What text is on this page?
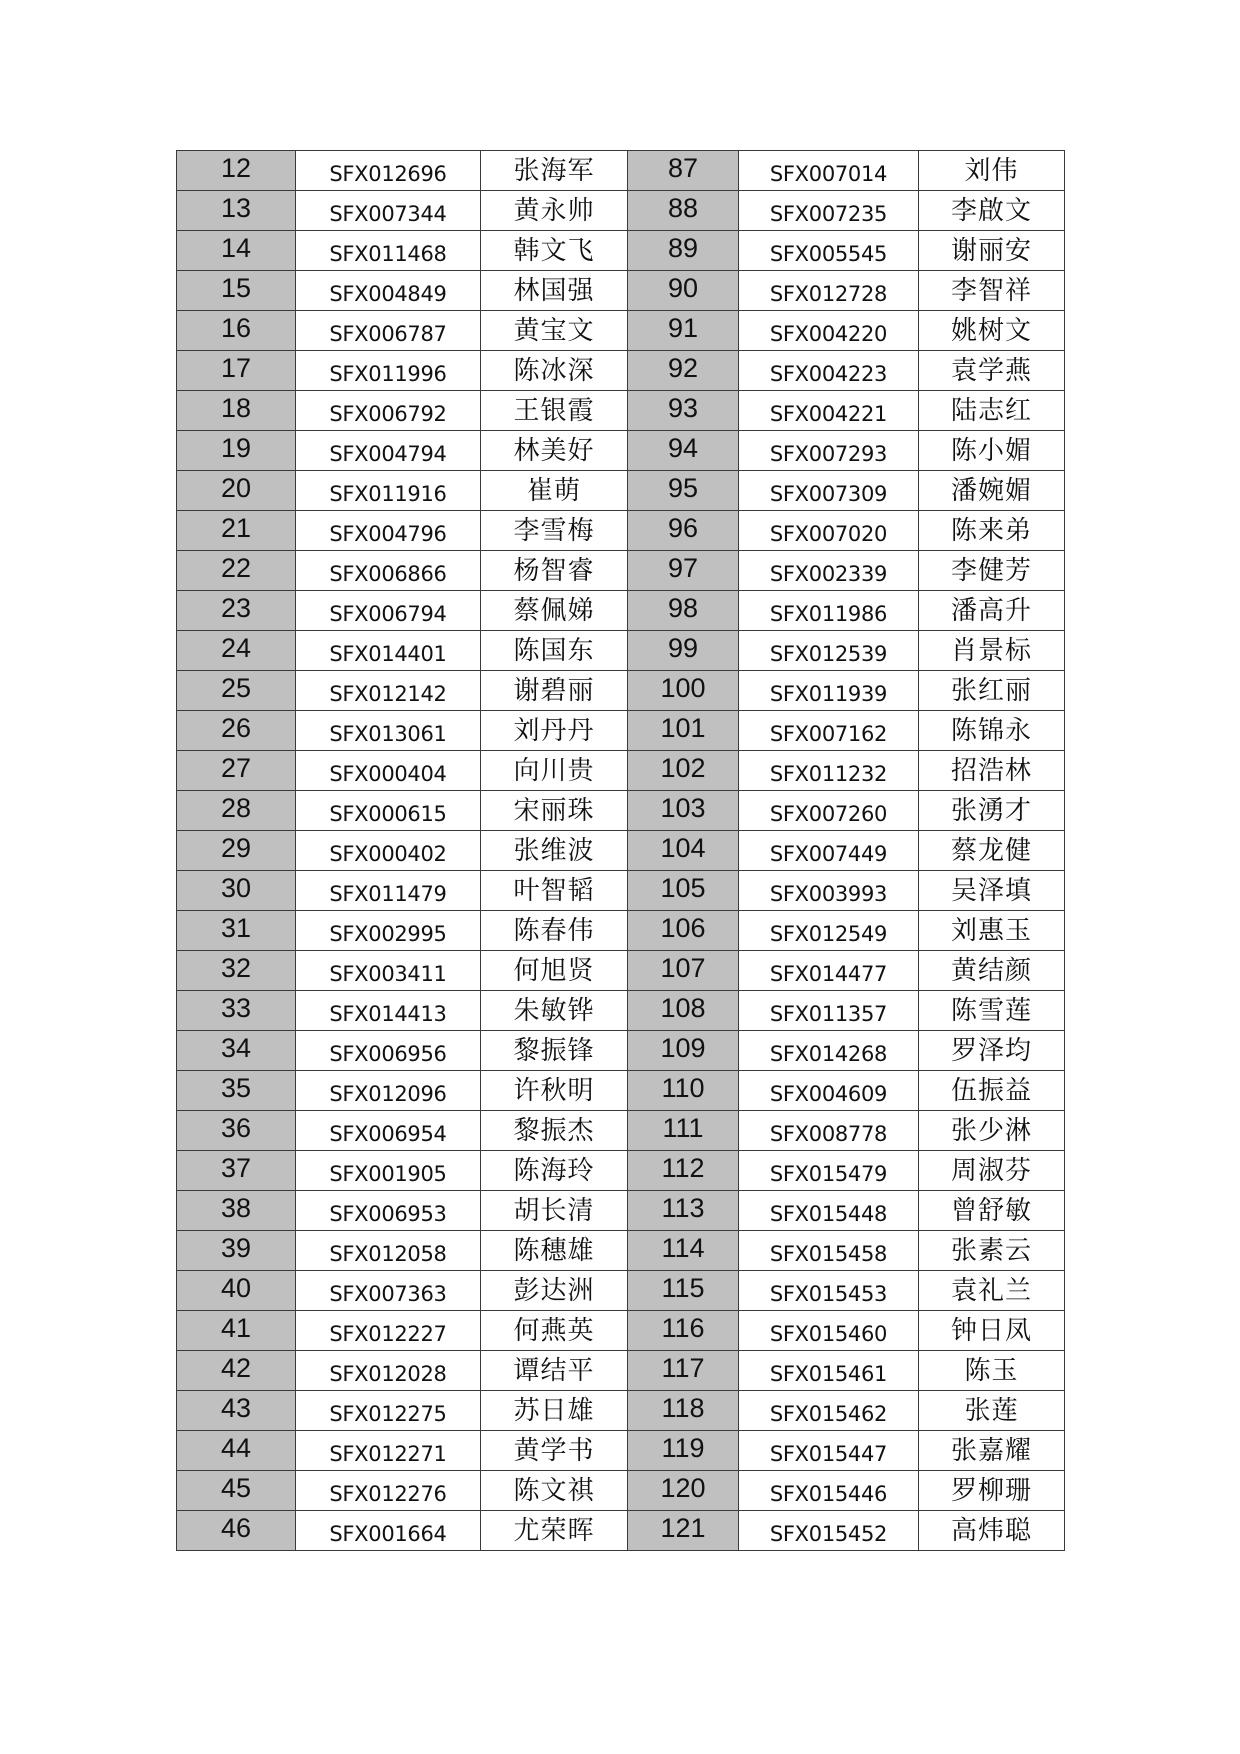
12	SFX012696	张海军	87	SFX007014	刘伟
13	SFX007344	黄永帅	88	SFX007235	李啟文
14	SFX011468	韩文飞	89	SFX005545	谢丽安
15	SFX004849	林国强	90	SFX012728	李智祥
16	SFX006787	黄宝文	91	SFX004220	姚树文
17	SFX011996	陈冰深	92	SFX004223	袁学燕
18	SFX006792	王银霞	93	SFX004221	陆志红
19	SFX004794	林美好	94	SFX007293	陈小媚
20	SFX011916	崔萌	95	SFX007309	潘婉媚
21	SFX004796	李雪梅	96	SFX007020	陈来弟
22	SFX006866	杨智睿	97	SFX002339	李健芳
23	SFX006794	蔡佩娣	98	SFX011986	潘高升
24	SFX014401	陈国东	99	SFX012539	肖景标
25	SFX012142	谢碧丽	100	SFX011939	张红丽
26	SFX013061	刘丹丹	101	SFX007162	陈锦永
27	SFX000404	向川贵	102	SFX011232	招浩林
28	SFX000615	宋丽珠	103	SFX007260	张湧才
29	SFX000402	张维波	104	SFX007449	蔡龙健
30	SFX011479	叶智韬	105	SFX003993	吴泽填
31	SFX002995	陈春伟	106	SFX012549	刘惠玉
32	SFX003411	何旭贤	107	SFX014477	黄结颜
33	SFX014413	朱敏铧	108	SFX011357	陈雪莲
34	SFX006956	黎振锋	109	SFX014268	罗泽均
35	SFX012096	许秋明	110	SFX004609	伍振益
36	SFX006954	黎振杰	111	SFX008778	张少淋
37	SFX001905	陈海玲	112	SFX015479	周淑芬
38	SFX006953	胡长清	113	SFX015448	曾舒敏
39	SFX012058	陈穗雄	114	SFX015458	张素云
40	SFX007363	彭达洲	115	SFX015453	袁礼兰
41	SFX012227	何燕英	116	SFX015460	钟日凤
42	SFX012028	谭结平	117	SFX015461	陈玉
43	SFX012275	苏日雄	118	SFX015462	张莲
44	SFX012271	黄学书	119	SFX015447	张嘉耀
45	SFX012276	陈文祺	120	SFX015446	罗柳珊
46	SFX001664	尤荣晖	121	SFX015452	高炜聪
